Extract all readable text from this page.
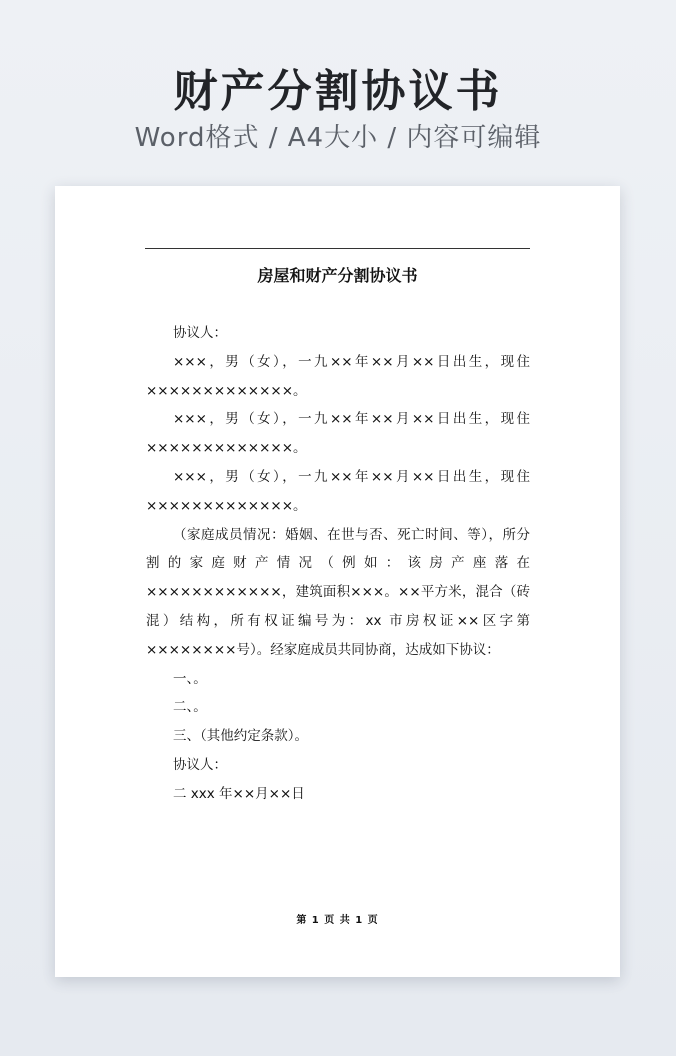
财产分割协议书
Word格式 / A4大小 / 内容可编辑
房屋和财产分割协议书

协议人：

×××，男（女），一九××年××月××日出生，现住×××××××××××××。

×××，男（女），一九××年××月××日出生，现住×××××××××××××。

×××，男（女），一九××年××月××日出生，现住×××××××××××××。

（家庭成员情况：婚姻、在世与否、死亡时间、等），所分割的家庭财产情况（例如：该房产座落在××××××××××××，建筑面积×××。××平方米，混合（砖混）结构，所有权证编号为：xx 市房权证××区字第××××××××号）。经家庭成员共同协商，达成如下协议：

一、。

二、。

三、（其他约定条款）。

协议人：

二 xxx 年××月××日

第 1 页 共 1 页
